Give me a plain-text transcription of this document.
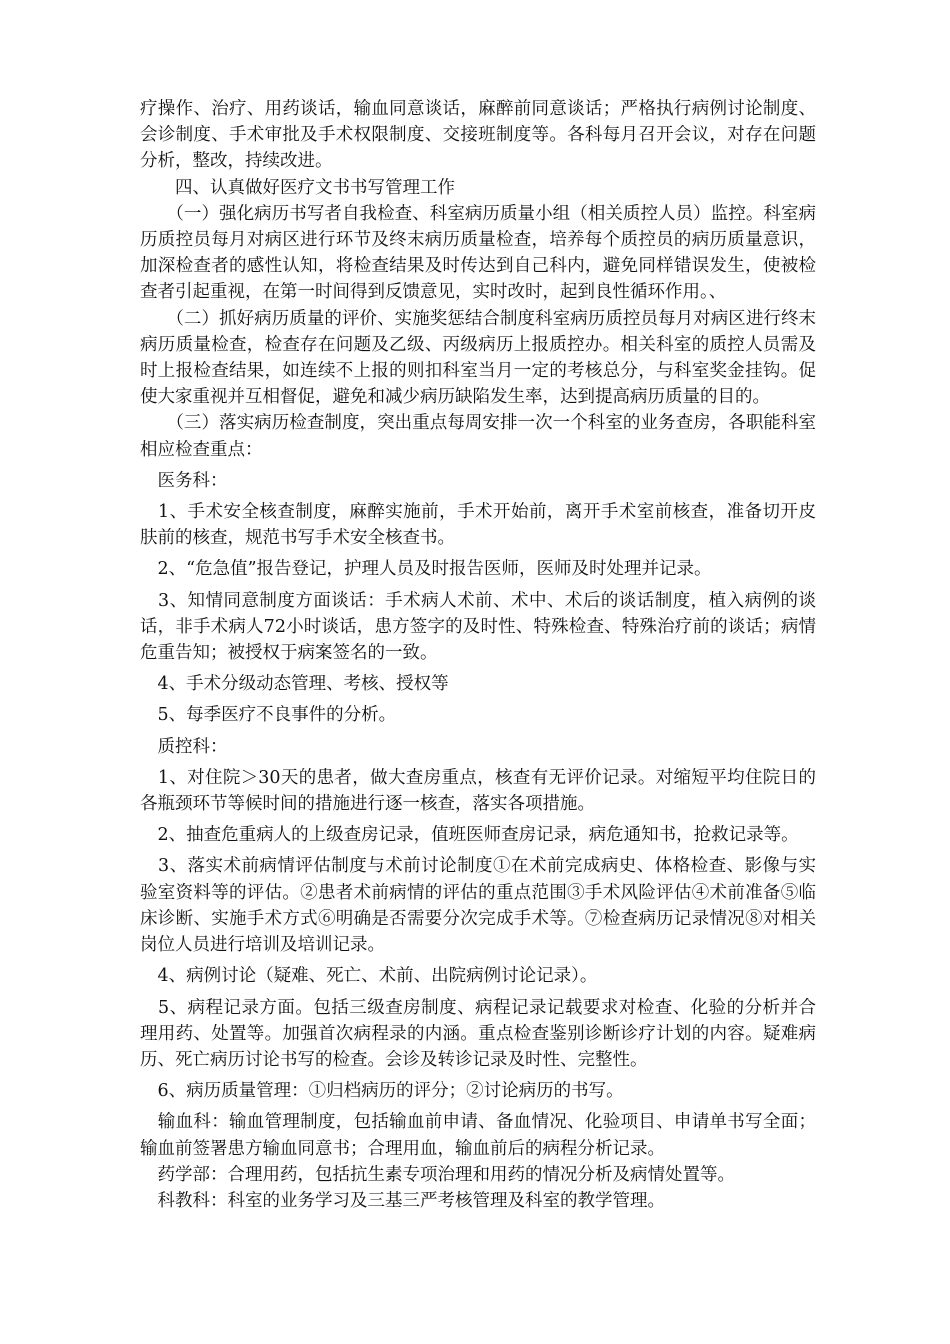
疗操作、治疗、用药谈话，输血同意谈话，麻醉前同意谈话；严格执行病例讨论制度、会诊制度、手术审批及手术权限制度、交接班制度等。各科每月召开会议，对存在问题分析，整改，持续改进。

　　四、认真做好医疗文书书写管理工作

　　（一）强化病历书写者自我检查、科室病历质量小组（相关质控人员）监控。科室病历质控员每月对病区进行环节及终末病历质量检查，培养每个质控员的病历质量意识，加深检查者的感性认知，将检查结果及时传达到自己科内，避免同样错误发生，使被检查者引起重视，在第一时间得到反馈意见，实时改时，起到良性循环作用。、

　　（二）抓好病历质量的评价、实施奖惩结合制度科室病历质控员每月对病区进行终末病历质量检查，检查存在问题及乙级、丙级病历上报质控办。相关科室的质控人员需及时上报检查结果，如连续不上报的则扣科室当月一定的考核总分，与科室奖金挂钩。促使大家重视并互相督促，避免和减少病历缺陷发生率，达到提高病历质量的目的。

　　（三）落实病历检查制度，突出重点每周安排一次一个科室的业务查房，各职能科室相应检查重点：

　医务科：

　1、手术安全核查制度，麻醉实施前，手术开始前，离开手术室前核查，准备切开皮肤前的核查，规范书写手术安全核查书。

　2、“危急值”报告登记，护理人员及时报告医师，医师及时处理并记录。

　3、知情同意制度方面谈话：手术病人术前、术中、术后的谈话制度，植入病例的谈话，非手术病人72小时谈话，患方签字的及时性、特殊检查、特殊治疗前的谈话；病情危重告知；被授权于病案签名的一致。

　4、手术分级动态管理、考核、授权等

　5、每季医疗不良事件的分析。

　质控科：

　1、对住院＞30天的患者，做大查房重点，核查有无评价记录。对缩短平均住院日的各瓶颈环节等候时间的措施进行逐一核查，落实各项措施。

　2、抽查危重病人的上级查房记录，值班医师查房记录，病危通知书，抢救记录等。

　3、落实术前病情评估制度与术前讨论制度①在术前完成病史、体格检查、影像与实验室资料等的评估。②患者术前病情的评估的重点范围③手术风险评估④术前准备⑤临床诊断、实施手术方式⑥明确是否需要分次完成手术等。⑦检查病历记录情况⑧对相关岗位人员进行培训及培训记录。

　4、病例讨论（疑难、死亡、术前、出院病例讨论记录）。

　5、病程记录方面。包括三级查房制度、病程记录记载要求对检查、化验的分析并合理用药、处置等。加强首次病程录的内涵。重点检查鉴别诊断诊疗计划的内容。疑难病历、死亡病历讨论书写的检查。会诊及转诊记录及时性、完整性。

　6、病历质量管理：①归档病历的评分；②讨论病历的书写。

　输血科：输血管理制度，包括输血前申请、备血情况、化验项目、申请单书写全面；输血前签署患方输血同意书；合理用血，输血前后的病程分析记录。

　药学部：合理用药，包括抗生素专项治理和用药的情况分析及病情处置等。

　科教科：科室的业务学习及三基三严考核管理及科室的教学管理。
